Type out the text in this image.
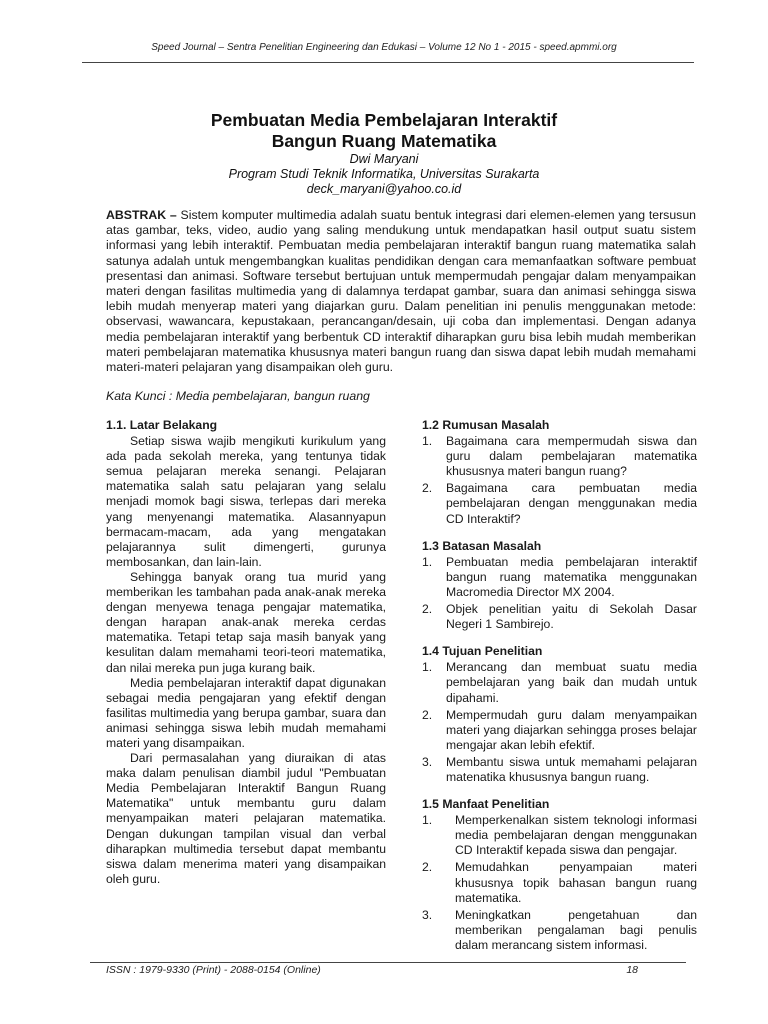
Speed Journal – Sentra Penelitian Engineering dan Edukasi – Volume 12 No 1 - 2015 - speed.apmmi.org
Pembuatan Media Pembelajaran Interaktif
Bangun Ruang Matematika
Dwi Maryani
Program Studi Teknik Informatika, Universitas Surakarta
deck_maryani@yahoo.co.id
ABSTRAK – Sistem komputer multimedia adalah suatu bentuk integrasi dari elemen-elemen yang tersusun atas gambar, teks, video, audio yang saling mendukung untuk mendapatkan hasil output suatu sistem informasi yang lebih interaktif. Pembuatan media pembelajaran interaktif bangun ruang matematika salah satunya adalah untuk mengembangkan kualitas pendidikan dengan cara memanfaatkan software pembuat presentasi dan animasi. Software tersebut bertujuan untuk mempermudah pengajar dalam menyampaikan materi dengan fasilitas multimedia yang di dalamnya terdapat gambar, suara dan animasi sehingga siswa lebih mudah menyerap materi yang diajarkan guru. Dalam penelitian ini penulis menggunakan metode: observasi, wawancara, kepustakaan, perancangan/desain, uji coba dan implementasi. Dengan adanya media pembelajaran interaktif yang berbentuk CD interaktif diharapkan guru bisa lebih mudah memberikan materi pembelajaran matematika khususnya materi bangun ruang dan siswa dapat lebih mudah memahami materi-materi pelajaran yang disampaikan oleh guru.
Kata Kunci : Media pembelajaran, bangun ruang
1.1. Latar Belakang

Setiap siswa wajib mengikuti kurikulum yang ada pada sekolah mereka, yang tentunya tidak semua pelajaran mereka senangi. Pelajaran matematika salah satu pelajaran yang selalu menjadi momok bagi siswa, terlepas dari mereka yang menyenangi matematika. Alasannyapun bermacam-macam, ada yang mengatakan pelajarannya sulit dimengerti, gurunya membosankan, dan lain-lain.

Sehingga banyak orang tua murid yang memberikan les tambahan pada anak-anak mereka dengan menyewa tenaga pengajar matematika, dengan harapan anak-anak mereka cerdas matematika. Tetapi tetap saja masih banyak yang kesulitan dalam memahami teori-teori matematika, dan nilai mereka pun juga kurang baik.

Media pembelajaran interaktif dapat digunakan sebagai media pengajaran yang efektif dengan fasilitas multimedia yang berupa gambar, suara dan animasi sehingga siswa lebih mudah memahami materi yang disampaikan.

Dari permasalahan yang diuraikan di atas maka dalam penulisan diambil judul "Pembuatan Media Pembelajaran Interaktif Bangun Ruang Matematika" untuk membantu guru dalam menyampaikan materi pelajaran matematika. Dengan dukungan tampilan visual dan verbal diharapkan multimedia tersebut dapat membantu siswa dalam menerima materi yang disampaikan oleh guru.

1.2 Rumusan Masalah
1. Bagaimana cara mempermudah siswa dan guru dalam pembelajaran matematika khususnya materi bangun ruang?
2. Bagaimana cara pembuatan media pembelajaran dengan menggunakan media CD Interaktif?
1.3 Batasan Masalah
1. Pembuatan media pembelajaran interaktif bangun ruang matematika menggunakan Macromedia Director MX 2004.
2. Objek penelitian yaitu di Sekolah Dasar Negeri 1 Sambirejo.
1.4 Tujuan Penelitian
1. Merancang dan membuat suatu media pembelajaran yang baik dan mudah untuk dipahami.
2. Mempermudah guru dalam menyampaikan materi yang diajarkan sehingga proses belajar mengajar akan lebih efektif.
3. Membantu siswa untuk memahami pelajaran matenatika khususnya bangun ruang.
1.5 Manfaat Penelitian
1. Memperkenalkan sistem teknologi informasi media pembelajaran dengan menggunakan CD Interaktif kepada siswa dan pengajar.
2. Memudahkan penyampaian materi khususnya topik bahasan bangun ruang matematika.
3. Meningkatkan pengetahuan dan memberikan pengalaman bagi penulis dalam merancang sistem informasi.
ISSN : 1979-9330 (Print) - 2088-0154 (Online)	18
